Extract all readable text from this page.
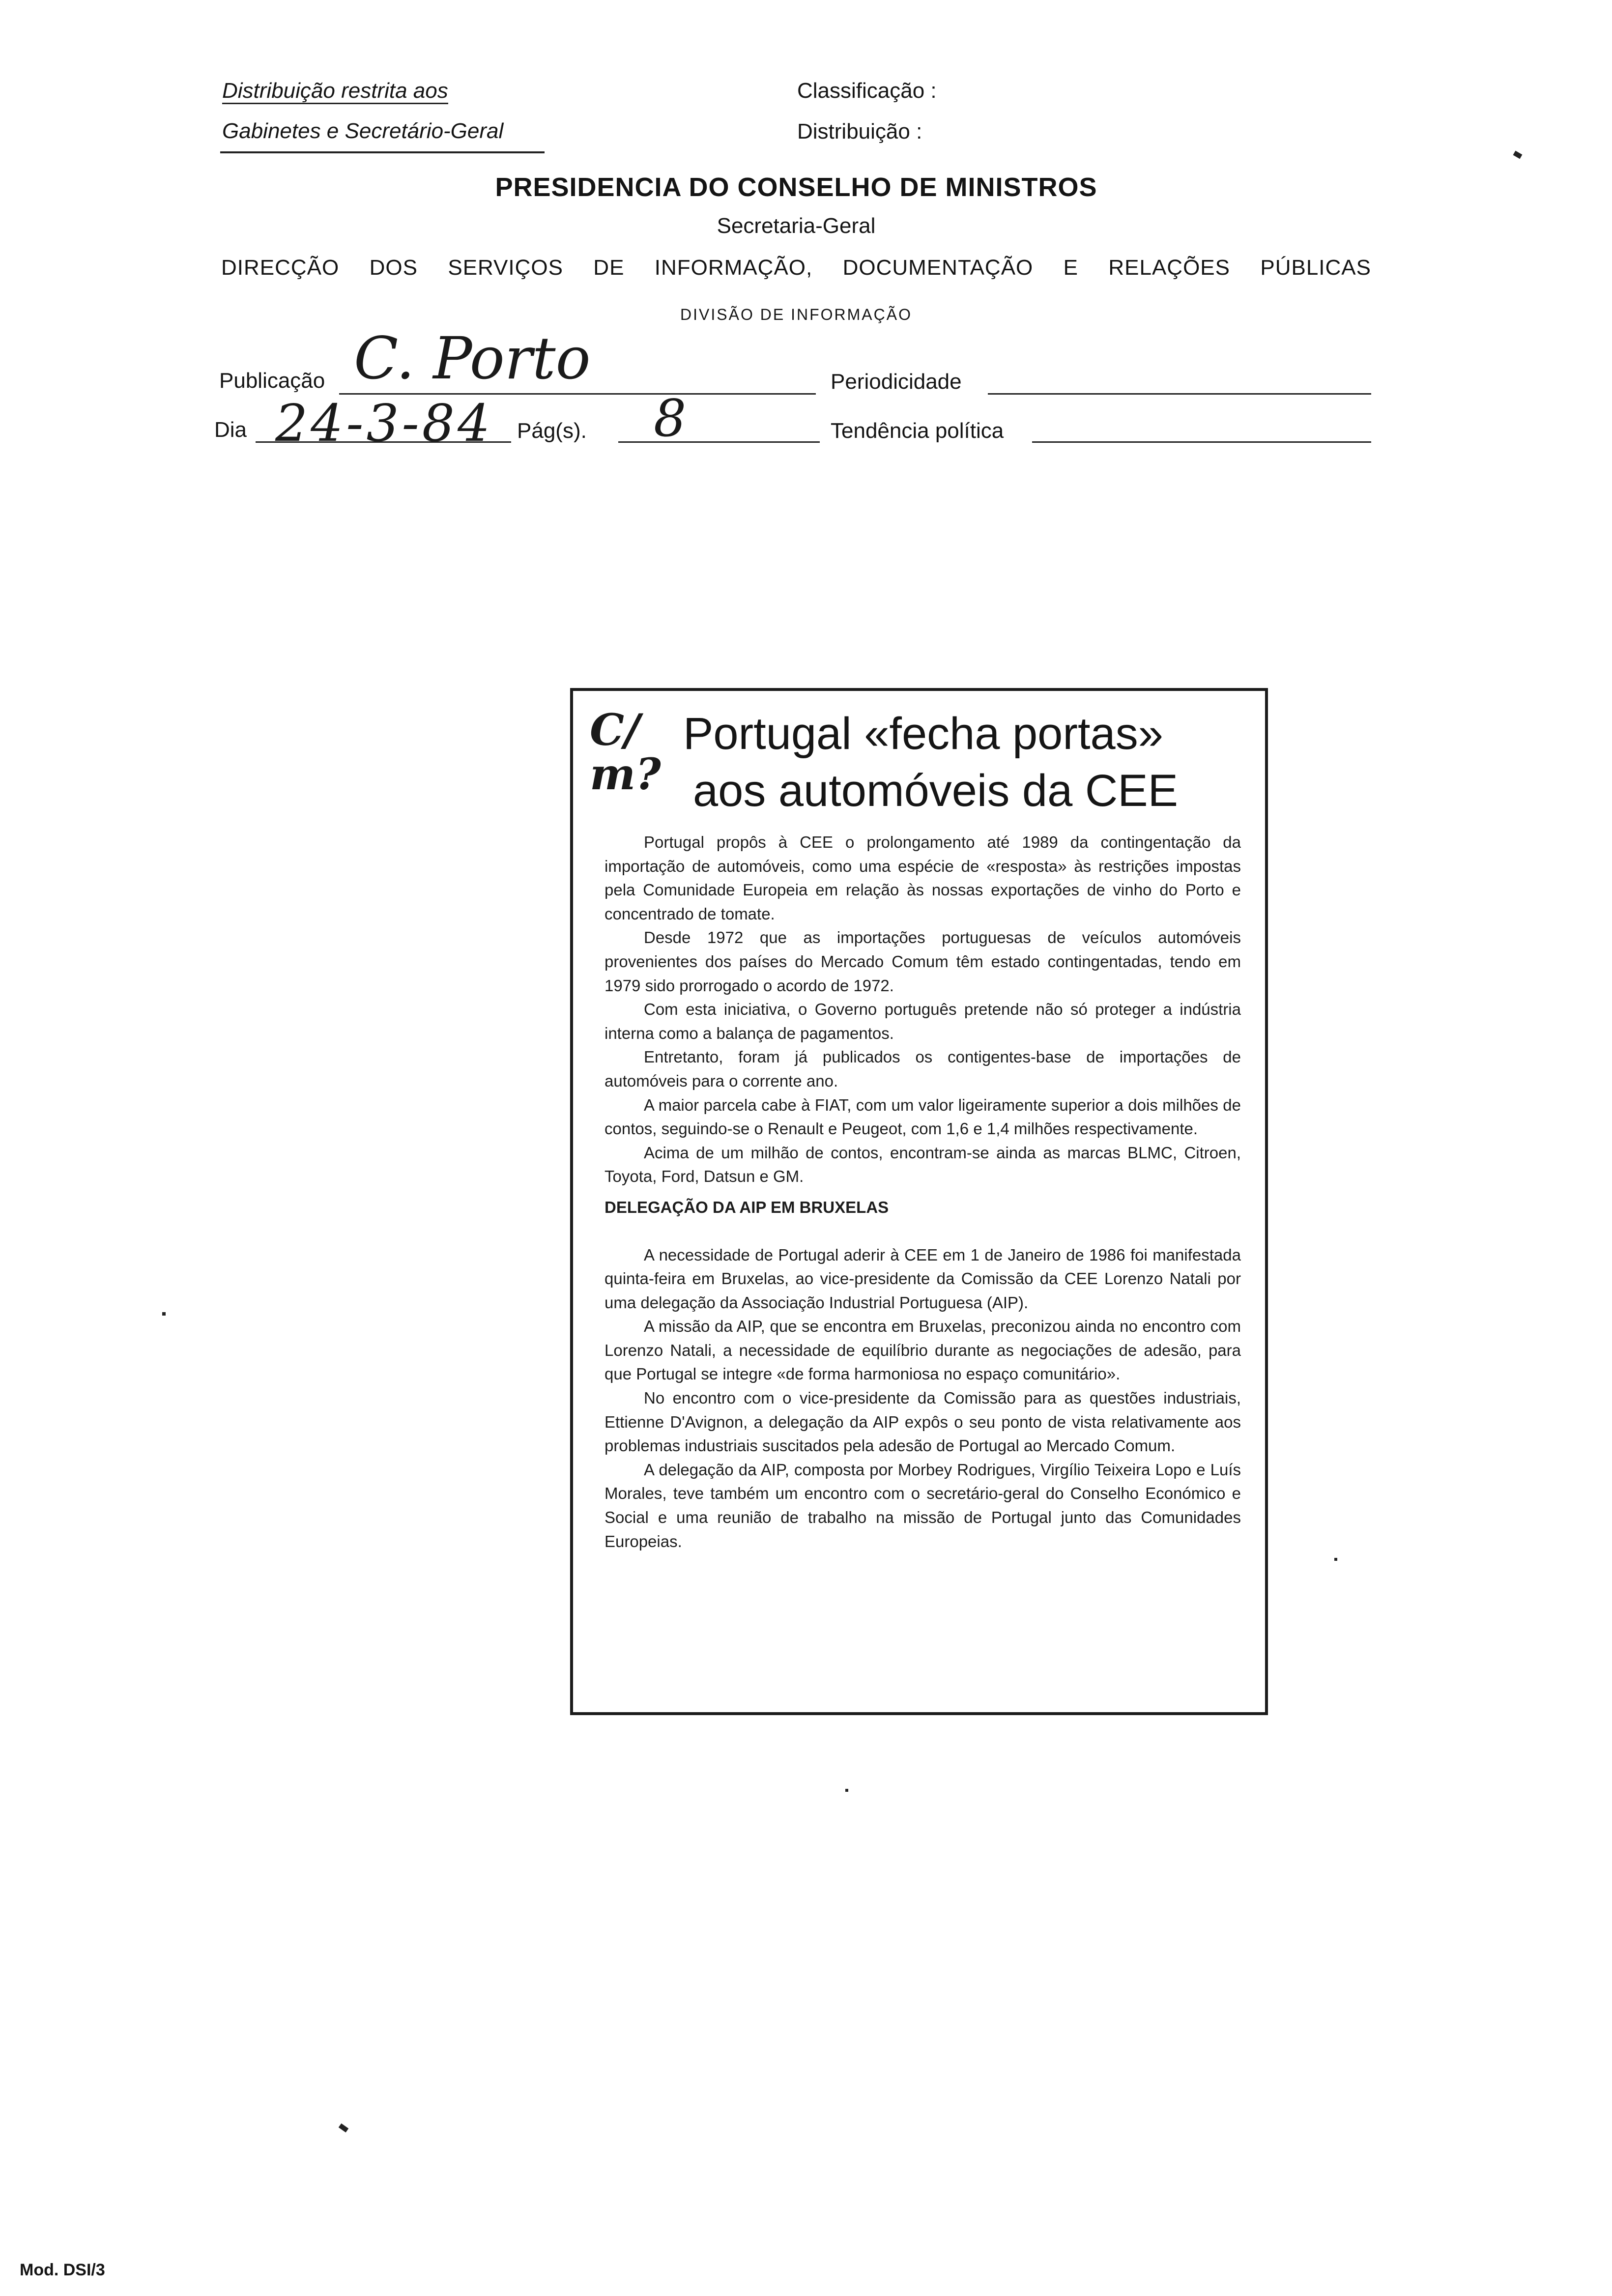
Distribuição restrita aos
Gabinetes e Secretário-Geral
Classificação :
Distribuição :
PRESIDENCIA DO CONSELHO DE MINISTROS
Secretaria-Geral
DIRECÇÃO DOS SERVIÇOS DE INFORMAÇÃO, DOCUMENTAÇÃO E RELAÇÕES PÚBLICAS
DIVISÃO DE INFORMAÇÃO
Publicação C. Porto	Periodicidade
Dia 24-3-84 Pág(s). 8	Tendência política
C/ m?
Portugal «fecha portas»
aos automóveis da CEE

Portugal propôs à CEE o prolongamento até 1989 da contingentação da importação de automóveis, como uma espécie de «resposta» às restrições impostas pela Comunidade Europeia em relação às nossas exportações de vinho do Porto e concentrado de tomate.

Desde 1972 que as importações portuguesas de veículos automóveis provenientes dos países do Mercado Comum têm estado contingentadas, tendo em 1979 sido prorrogado o acordo de 1972.

Com esta iniciativa, o Governo português pretende não só proteger a indústria interna como a balança de pagamentos.

Entretanto, foram já publicados os contigentes-base de importações de automóveis para o corrente ano.

A maior parcela cabe à FIAT, com um valor ligeiramente superior a dois milhões de contos, seguindo-se o Renault e Peugeot, com 1,6 e 1,4 milhões respectivamente.

Acima de um milhão de contos, encontram-se ainda as marcas BLMC, Citroen, Toyota, Ford, Datsun e GM.

DELEGAÇÃO DA AIP EM BRUXELAS

A necessidade de Portugal aderir à CEE em 1 de Janeiro de 1986 foi manifestada quinta-feira em Bruxelas, ao vice-presidente da Comissão da CEE Lorenzo Natali por uma delegação da Associação Industrial Portuguesa (AIP).

A missão da AIP, que se encontra em Bruxelas, preconizou ainda no encontro com Lorenzo Natali, a necessidade de equilíbrio durante as negociações de adesão, para que Portugal se integre «de forma harmoniosa no espaço comunitário».

No encontro com o vice-presidente da Comissão para as questões industriais, Ettienne D'Avignon, a delegação da AIP expôs o seu ponto de vista relativamente aos problemas industriais suscitados pela adesão de Portugal ao Mercado Comum.

A delegação da AIP, composta por Morbey Rodrigues, Virgílio Teixeira Lopo e Luís Morales, teve também um encontro com o secretário-geral do Conselho Económico e Social e uma reunião de trabalho na missão de Portugal junto das Comunidades Europeias.

Mod. DSI/3
